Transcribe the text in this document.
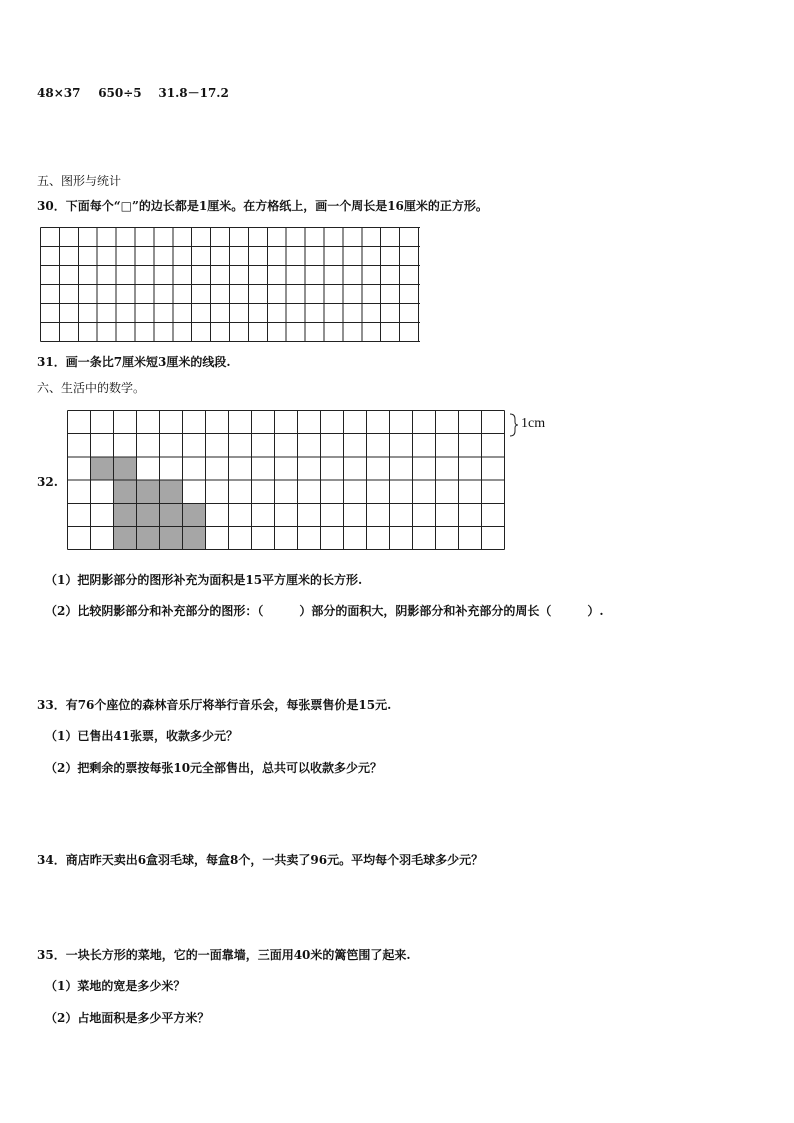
48×37 650÷5 31.8－17.2
五、图形与统计
30．下面每个“□”的边长都是1厘米。在方格纸上，画一个周长是16厘米的正方形。
31．画一条比7厘米短3厘米的线段.
六、生活中的数学。
32.
1cm
（1）把阴影部分的图形补充为面积是15平方厘米的长方形.
（2）比较阴影部分和补充部分的图形：（　　　）部分的面积大，阴影部分和补充部分的周长（　　　）.
33．有76个座位的森林音乐厅将举行音乐会，每张票售价是15元.
（1）已售出41张票，收款多少元？
（2）把剩余的票按每张10元全部售出，总共可以收款多少元？
34．商店昨天卖出6盒羽毛球，每盒8个，一共卖了96元。平均每个羽毛球多少元？
35．一块长方形的菜地，它的一面靠墙，三面用40米的篱笆围了起来.
（1）菜地的宽是多少米？
（2）占地面积是多少平方米？
